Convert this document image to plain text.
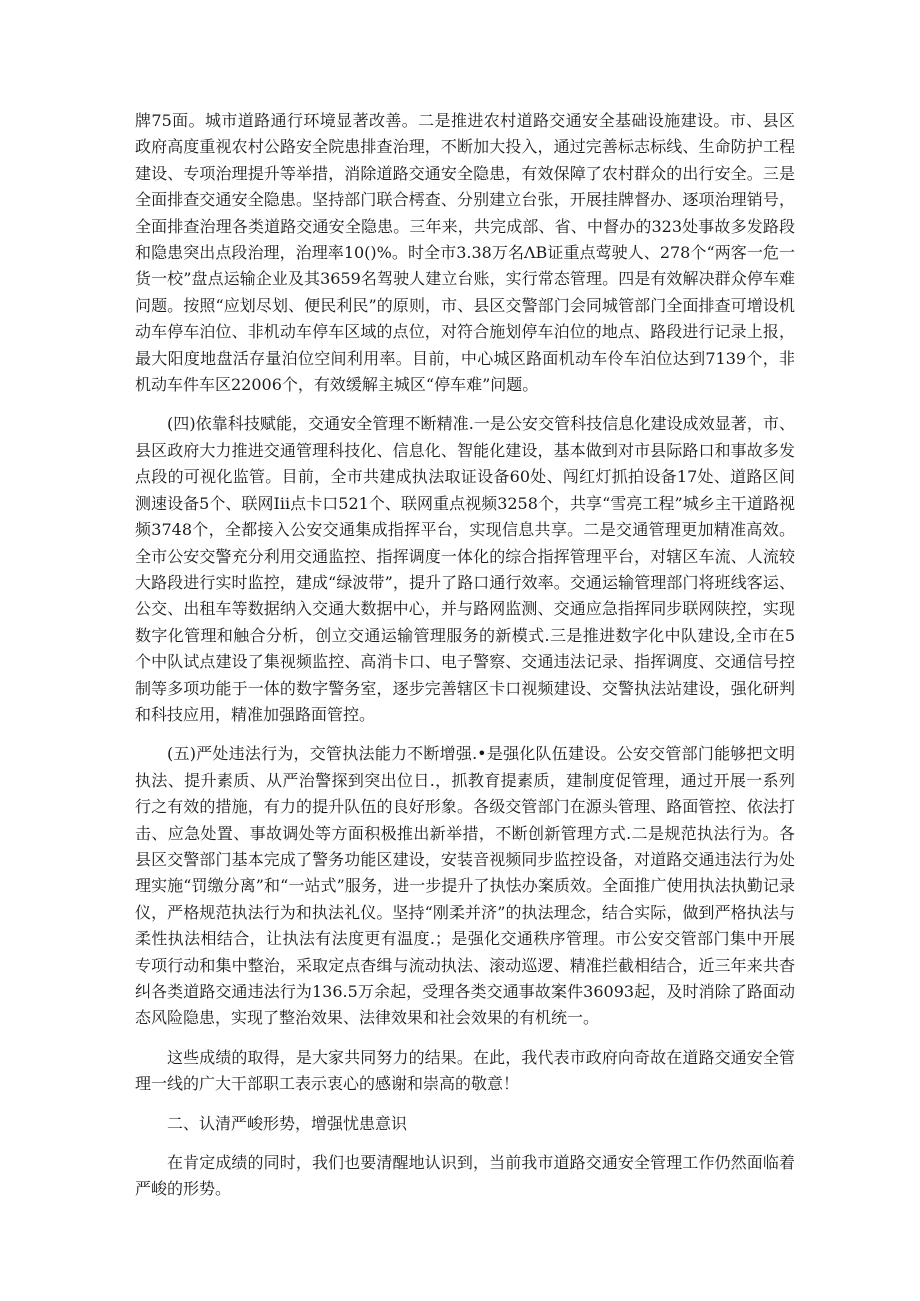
牌75面。城市道路通行环境显著改善。二是推进农村道路交通安全基础设施建设。市、县区政府高度重视农村公路安全院患排查治理，不断加大投入，通过完善标志标线、生命防护工程建设、专项治理提升等举措，消除道路交通安全隐患，有效保障了农村群众的出行安全。三是全面排查交通安全隐患。坚持部门联合樗查、分别建立台张，开展挂牌督办、逐项治理销号，全面排查治理各类道路交通安全隐患。三年来，共完成部、省、中督办的323处事故多发路段和隐患突出点段治理，治理率10()%。时全市3.38万名ΛB证重点莺驶人、278个“两客一危一货一校”盘点运输企业及其3659名驾驶人建立台账，实行常态管理。四是有效解决群众停车难问题。按照“应划尽划、便民利民”的原则，市、县区交警部门会同城管部门全面排查可增设机动车停车泊位、非机动车停车区域的点位，对符合施划停车泊位的地点、路段进行记录上报，最大阳度地盘活存量泊位空间利用率。目前，中心城区路面机动车伶车泊位达到7139个，非机动车件车区22006个，有效缓解主城区“停车难”问题。

(四)依靠科技赋能，交通安全管理不断精准.一是公安交管科技信息化建设成效显著，市、县区政府大力推进交通管理科技化、信息化、智能化建设，基本做到对市县际路口和事故多发点段的可视化监管。目前，全市共建成执法取证设备60处、闯红灯抓拍设备17处、道路区间测速设备5个、联网Iii点卡口521个、联网重点视频3258个，共享“雪亮工程”城乡主干道路视频3748个，全都接入公安交通集成指挥平台，实现信息共享。二是交通管理更加精准高效。全市公安交警充分利用交通监控、指挥调度一体化的综合指挥管理平台，对辖区车流、人流较大路段进行实时监控，建成“绿波带”，提升了路口通行效率。交通运输管理部门将班线客运、公交、出租车等数据纳入交通大数据中心，并与路网监测、交通应急指挥同步联网陕控，实现数字化管理和触合分析，创立交通运输管理服务的新模式.三是推进数字化中队建设,全市在5个中队试点建设了集视频监控、高消卡口、电子警察、交通违法记录、指挥调度、交通信号控制等多项功能于一体的数字警务室，逐步完善辖区卡口视频建设、交警执法站建设，强化研判和科技应用，精准加强路面管控。

(五)严处违法行为，交管执法能力不断增强.•是强化队伍建设。公安交管部门能够把文明执法、提升素质、从严治警探到突出位日.，抓教育提素质，建制度促管理，通过开展一系列行之有效的措施，有力的提升队伍的良好形象。各级交管部门在源头管理、路面管控、依法打击、应急处置、事故调处等方面积极推出新举措，不断创新管理方式.二是规范执法行为。各县区交警部门基本完成了警务功能区建设，安装音视频同步监控设备，对道路交通违法行为处理实施“罚缴分离”和“一站式”服务，进一步提升了执怯办案质效。全面推广使用执法执勤记录仪，严格规范执法行为和执法礼仪。坚持“刚柔并济”的执法理念，结合实际，做到严格执法与柔性执法相结合，让执法有法度更有温度.；是强化交通秩序管理。市公安交管部门集中开展专项行动和集中整治，采取定点杳缉与流动执法、滚动巡逻、精准拦截相结合，近三年来共杳纠各类道路交通违法行为136.5万余起，受理各类交通事故案件36093起，及时消除了路面动态风险隐患，实现了整治效果、法律效果和社会效果的有机统一。

这些成绩的取得，是大家共同努力的结果。在此，我代表市政府向奇故在道路交通安全管理一线的广大干部职工表示衷心的感谢和崇高的敬意！

二、认清严峻形势，增强忧患意识

在肯定成绩的同时，我们也要清醒地认识到，当前我市道路交通安全管理工作仍然面临着严峻的形势。
